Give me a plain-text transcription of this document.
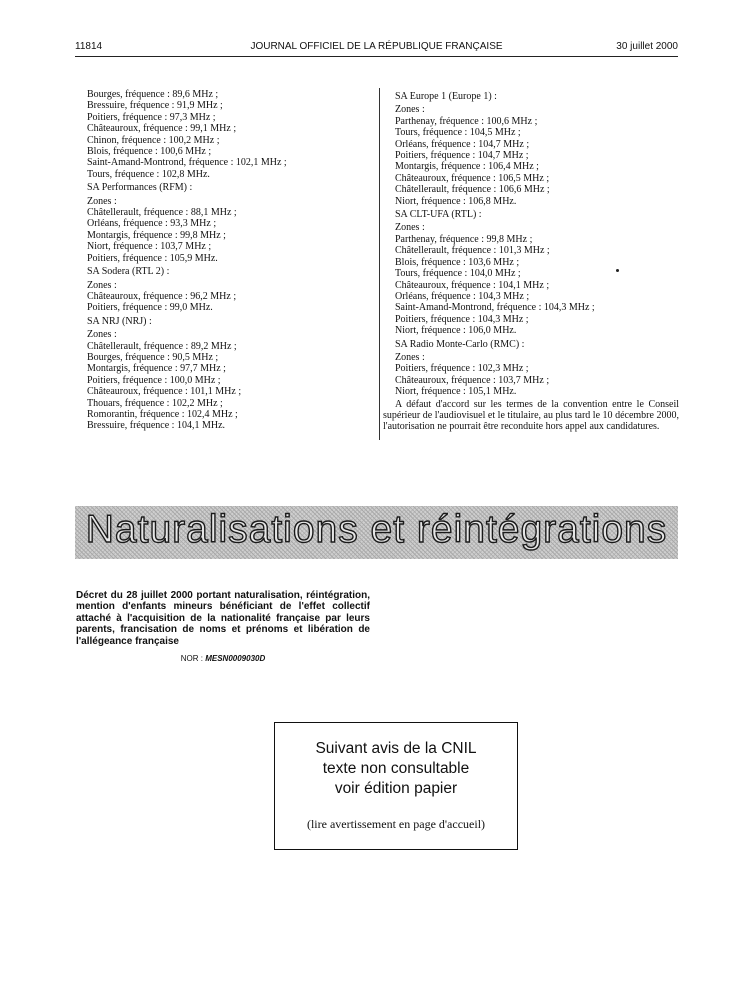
11814	JOURNAL OFFICIEL DE LA RÉPUBLIQUE FRANÇAISE	30 juillet 2000
Bourges, fréquence : 89,6 MHz ;
Bressuire, fréquence : 91,9 MHz ;
Poitiers, fréquence : 97,3 MHz ;
Châteauroux, fréquence : 99,1 MHz ;
Chinon, fréquence : 100,2 MHz ;
Blois, fréquence : 100,6 MHz ;
Saint-Amand-Montrond, fréquence : 102,1 MHz ;
Tours, fréquence : 102,8 MHz.
SA Performances (RFM) :
Zones :
Châtellerault, fréquence : 88,1 MHz ;
Orléans, fréquence : 93,3 MHz ;
Montargis, fréquence : 99,8 MHz ;
Niort, fréquence : 103,7 MHz ;
Poitiers, fréquence : 105,9 MHz.
SA Sodera (RTL 2) :
Zones :
Châteauroux, fréquence : 96,2 MHz ;
Poitiers, fréquence : 99,0 MHz.
SA NRJ (NRJ) :
Zones :
Châtellerault, fréquence : 89,2 MHz ;
Bourges, fréquence : 90,5 MHz ;
Montargis, fréquence : 97,7 MHz ;
Poitiers, fréquence : 100,0 MHz ;
Châteauroux, fréquence : 101,1 MHz ;
Thouars, fréquence : 102,2 MHz ;
Romorantin, fréquence : 102,4 MHz ;
Bressuire, fréquence : 104,1 MHz.
SA Europe 1 (Europe 1) :
Zones :
Parthenay, fréquence : 100,6 MHz ;
Tours, fréquence : 104,5 MHz ;
Orléans, fréquence : 104,7 MHz ;
Poitiers, fréquence : 104,7 MHz ;
Montargis, fréquence : 106,4 MHz ;
Châteauroux, fréquence : 106,5 MHz ;
Châtellerault, fréquence : 106,6 MHz ;
Niort, fréquence : 106,8 MHz.
SA CLT-UFA (RTL) :
Zones :
Parthenay, fréquence : 99,8 MHz ;
Châtellerault, fréquence : 101,3 MHz ;
Blois, fréquence : 103,6 MHz ;
Tours, fréquence : 104,0 MHz ;
Châteauroux, fréquence : 104,1 MHz ;
Orléans, fréquence : 104,3 MHz ;
Saint-Amand-Montrond, fréquence : 104,3 MHz ;
Poitiers, fréquence : 104,3 MHz ;
Niort, fréquence : 106,0 MHz.
SA Radio Monte-Carlo (RMC) :
Zones :
Poitiers, fréquence : 102,3 MHz ;
Châteauroux, fréquence : 103,7 MHz ;
Niort, fréquence : 105,1 MHz.
A défaut d'accord sur les termes de la convention entre le Conseil supérieur de l'audiovisuel et le titulaire, au plus tard le 10 décembre 2000, l'autorisation ne pourrait être reconduite hors appel aux candidatures.
Naturalisations et réintégrations
Décret du 28 juillet 2000 portant naturalisation, réintégration, mention d'enfants mineurs bénéficiant de l'effet collectif attaché à l'acquisition de la nationalité française par leurs parents, francisation de noms et prénoms et libération de l'allégeance française
NOR : MESN0009030D
Suivant avis de la CNIL
texte non consultable
voir édition papier
(lire avertissement en page d'accueil)
